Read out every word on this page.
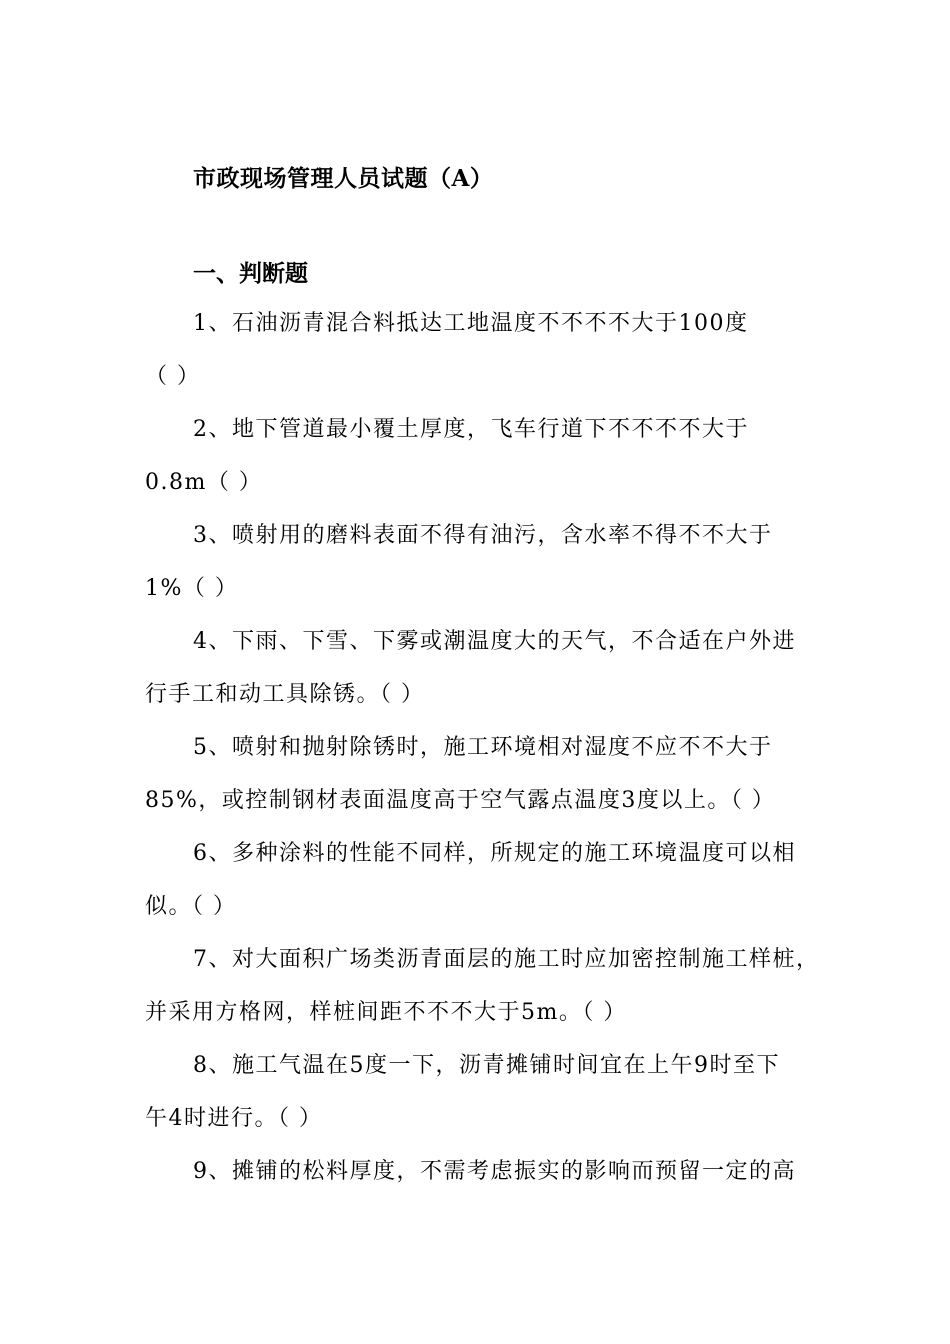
市政现场管理人员试题（A）
一、判断题
1、石油沥青混合料抵达工地温度不不不不大于100度
（ ）
2、地下管道最小覆土厚度，飞车行道下不不不不大于
0.8m（ ）
3、喷射用的磨料表面不得有油污，含水率不得不不大于
1%（ ）
4、下雨、下雪、下雾或潮温度大的天气，不合适在户外进
行手工和动工具除锈。（ ）
5、喷射和抛射除锈时，施工环境相对湿度不应不不大于
85%，或控制钢材表面温度高于空气露点温度3度以上。（ ）
6、多种涂料的性能不同样，所规定的施工环境温度可以相
似。（ ）
7、对大面积广场类沥青面层的施工时应加密控制施工样桩，
并采用方格网，样桩间距不不不大于5m。（ ）
8、施工气温在5度一下，沥青摊铺时间宜在上午9时至下
午4时进行。（ ）
9、摊铺的松料厚度，不需考虑振实的影响而预留一定的高
